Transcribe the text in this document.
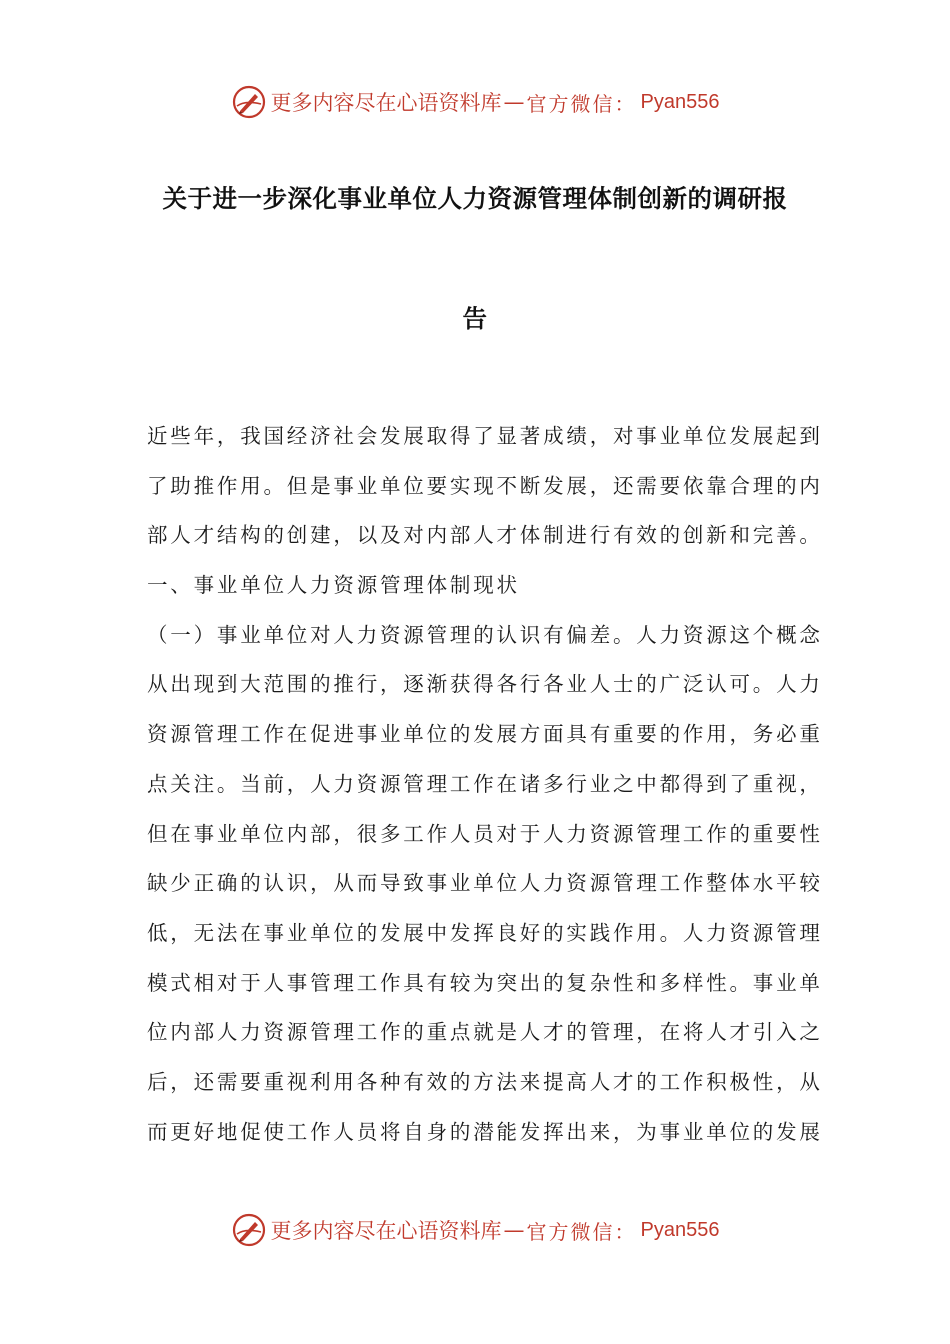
更多内容尽在心语资料库 — 官方微信： Pyan556
关于进一步深化事业单位人力资源管理体制创新的调研报
告
近些年，我国经济社会发展取得了显著成绩，对事业单位发展起到
了助推作用。但是事业单位要实现不断发展，还需要依靠合理的内
部人才结构的创建，以及对内部人才体制进行有效的创新和完善。
一、事业单位人力资源管理体制现状
（一）事业单位对人力资源管理的认识有偏差。人力资源这个概念
从出现到大范围的推行，逐渐获得各行各业人士的广泛认可。人力
资源管理工作在促进事业单位的发展方面具有重要的作用，务必重
点关注。当前，人力资源管理工作在诸多行业之中都得到了重视，
但在事业单位内部，很多工作人员对于人力资源管理工作的重要性
缺少正确的认识，从而导致事业单位人力资源管理工作整体水平较
低，无法在事业单位的发展中发挥良好的实践作用。人力资源管理
模式相对于人事管理工作具有较为突出的复杂性和多样性。事业单
位内部人力资源管理工作的重点就是人才的管理，在将人才引入之
后，还需要重视利用各种有效的方法来提高人才的工作积极性，从
而更好地促使工作人员将自身的潜能发挥出来，为事业单位的发展
更多内容尽在心语资料库 — 官方微信： Pyan556
